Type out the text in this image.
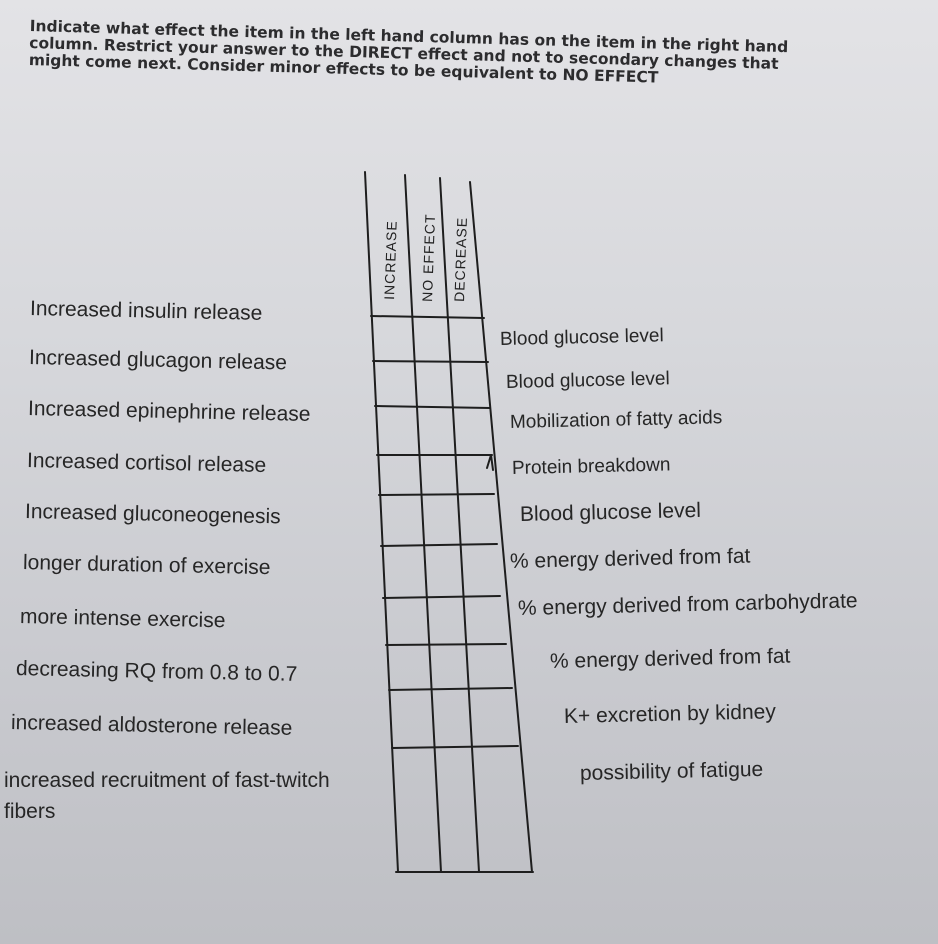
Indicate what effect the item in the left hand column has on the item in the right hand column. Restrict your answer to the DIRECT effect and not to secondary changes that might come next. Consider minor effects to be equivalent to NO EFFECT

INCREASE NO EFFECT DECREASE
Increased insulin release
Increased glucagon release
Increased epinephrine release
Increased cortisol release
Increased gluconeogenesis
longer duration of exercise
more intense exercise
decreasing RQ from 0.8 to 0.7
increased aldosterone release
increased recruitment of fast-twitch fibers
Blood glucose level
Blood glucose level
Mobilization of fatty acids
Protein breakdown
Blood glucose level
% energy derived from fat
% energy derived from carbohydrate
% energy derived from fat
K+ excretion by kidney
possibility of fatigue
